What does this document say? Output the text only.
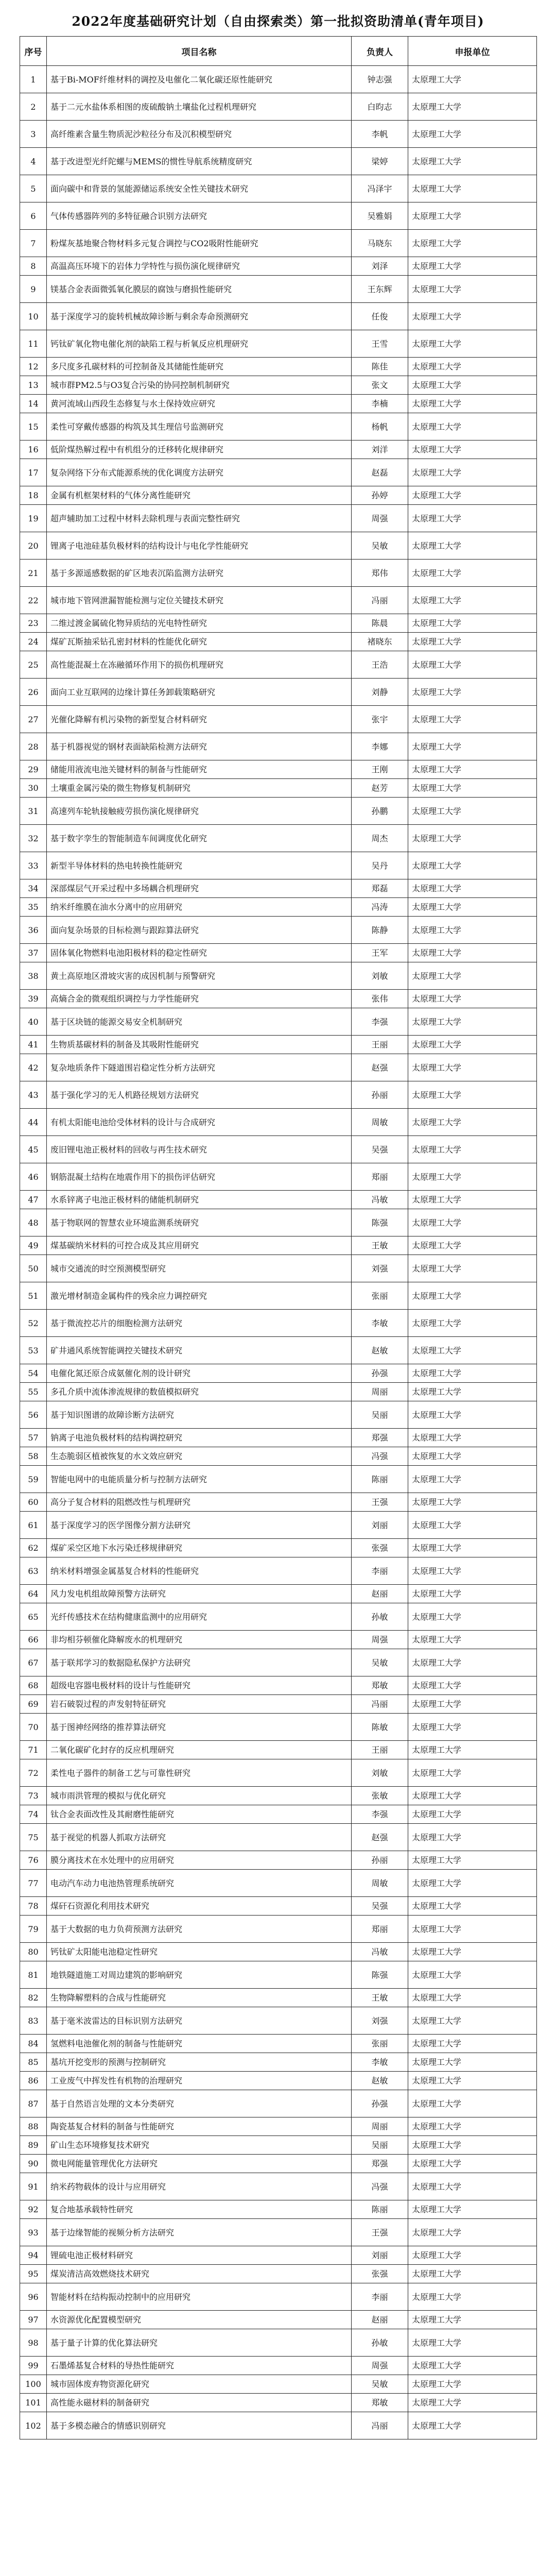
2022年度基础研究计划（自由探索类）第一批拟资助清单(青年项目)
序号	项目名称	负责人	申报单位
1	基于Bi-MOF纤维材料的调控及电催化二氧化碳还原性能研究	钟志强	太原理工大学
2	基于二元水盐体系相图的废硫酸钠土壤盐化过程机理研究	白昀志	太原理工大学
3	高纤维素含量生物质泥沙粒径分布及沉积模型研究	李帆	太原理工大学
4	基于改进型光纤陀螺与MEMS的惯性导航系统精度研究	梁婷	太原理工大学
5	面向碳中和背景的氢能源储运系统安全性关键技术研究	冯泽宇	太原理工大学
6	气体传感器阵列的多特征融合识别方法研究	吴雅娟	太原理工大学
7	粉煤灰基地聚合物材料多元复合调控与CO2吸附性能研究	马晓东	太原理工大学
8	高温高压环境下的岩体力学特性与损伤演化规律研究	刘泽	太原理工大学
9	镁基合金表面微弧氧化膜层的腐蚀与磨损性能研究	王东辉	太原理工大学
10	基于深度学习的旋转机械故障诊断与剩余寿命预测研究	任俊	太原理工大学
11	钙钛矿氧化物电催化剂的缺陷工程与析氧反应机理研究	王雪	太原理工大学
12	多尺度多孔碳材料的可控制备及其储能性能研究	陈佳	太原理工大学
13	城市群PM2.5与O3复合污染的协同控制机制研究	张文	太原理工大学
14	黄河流域山西段生态修复与水土保持效应研究	李楠	太原理工大学
15	柔性可穿戴传感器的构筑及其生理信号监测研究	杨帆	太原理工大学
16	低阶煤热解过程中有机组分的迁移转化规律研究	刘洋	太原理工大学
17	复杂网络下分布式能源系统的优化调度方法研究	赵磊	太原理工大学
18	金属有机框架材料的气体分离性能研究	孙婷	太原理工大学
19	超声辅助加工过程中材料去除机理与表面完整性研究	周强	太原理工大学
20	锂离子电池硅基负极材料的结构设计与电化学性能研究	吴敏	太原理工大学
21	基于多源遥感数据的矿区地表沉陷监测方法研究	郑伟	太原理工大学
22	城市地下管网泄漏智能检测与定位关键技术研究	冯丽	太原理工大学
23	二维过渡金属硫化物异质结的光电特性研究	陈晨	太原理工大学
24	煤矿瓦斯抽采钻孔密封材料的性能优化研究	褚晓东	太原理工大学
25	高性能混凝土在冻融循环作用下的损伤机理研究	王浩	太原理工大学
26	面向工业互联网的边缘计算任务卸载策略研究	刘静	太原理工大学
27	光催化降解有机污染物的新型复合材料研究	张宇	太原理工大学
28	基于机器视觉的钢材表面缺陷检测方法研究	李娜	太原理工大学
29	储能用液流电池关键材料的制备与性能研究	王刚	太原理工大学
30	土壤重金属污染的微生物修复机制研究	赵芳	太原理工大学
31	高速列车轮轨接触疲劳损伤演化规律研究	孙鹏	太原理工大学
32	基于数字孪生的智能制造车间调度优化研究	周杰	太原理工大学
33	新型半导体材料的热电转换性能研究	吴丹	太原理工大学
34	深部煤层气开采过程中多场耦合机理研究	郑磊	太原理工大学
35	纳米纤维膜在油水分离中的应用研究	冯涛	太原理工大学
36	面向复杂场景的目标检测与跟踪算法研究	陈静	太原理工大学
37	固体氧化物燃料电池阳极材料的稳定性研究	王军	太原理工大学
38	黄土高原地区滑坡灾害的成因机制与预警研究	刘敏	太原理工大学
39	高熵合金的微观组织调控与力学性能研究	张伟	太原理工大学
40	基于区块链的能源交易安全机制研究	李强	太原理工大学
41	生物质基碳材料的制备及其吸附性能研究	王丽	太原理工大学
42	复杂地质条件下隧道围岩稳定性分析方法研究	赵强	太原理工大学
43	基于强化学习的无人机路径规划方法研究	孙丽	太原理工大学
44	有机太阳能电池给受体材料的设计与合成研究	周敏	太原理工大学
45	废旧锂电池正极材料的回收与再生技术研究	吴强	太原理工大学
46	钢筋混凝土结构在地震作用下的损伤评估研究	郑丽	太原理工大学
47	水系锌离子电池正极材料的储能机制研究	冯敏	太原理工大学
48	基于物联网的智慧农业环境监测系统研究	陈强	太原理工大学
49	煤基碳纳米材料的可控合成及其应用研究	王敏	太原理工大学
50	城市交通流的时空预测模型研究	刘强	太原理工大学
51	激光增材制造金属构件的残余应力调控研究	张丽	太原理工大学
52	基于微流控芯片的细胞检测方法研究	李敏	太原理工大学
53	矿井通风系统智能调控关键技术研究	赵敏	太原理工大学
54	电催化氮还原合成氨催化剂的设计研究	孙强	太原理工大学
55	多孔介质中流体渗流规律的数值模拟研究	周丽	太原理工大学
56	基于知识图谱的故障诊断方法研究	吴丽	太原理工大学
57	钠离子电池负极材料的结构调控研究	郑强	太原理工大学
58	生态脆弱区植被恢复的水文效应研究	冯强	太原理工大学
59	智能电网中的电能质量分析与控制方法研究	陈丽	太原理工大学
60	高分子复合材料的阻燃改性与机理研究	王强	太原理工大学
61	基于深度学习的医学图像分割方法研究	刘丽	太原理工大学
62	煤矿采空区地下水污染迁移规律研究	张强	太原理工大学
63	纳米材料增强金属基复合材料的性能研究	李丽	太原理工大学
64	风力发电机组故障预警方法研究	赵丽	太原理工大学
65	光纤传感技术在结构健康监测中的应用研究	孙敏	太原理工大学
66	非均相芬顿催化降解废水的机理研究	周强	太原理工大学
67	基于联邦学习的数据隐私保护方法研究	吴敏	太原理工大学
68	超级电容器电极材料的设计与性能研究	郑敏	太原理工大学
69	岩石破裂过程的声发射特征研究	冯丽	太原理工大学
70	基于图神经网络的推荐算法研究	陈敏	太原理工大学
71	二氧化碳矿化封存的反应机理研究	王丽	太原理工大学
72	柔性电子器件的制备工艺与可靠性研究	刘敏	太原理工大学
73	城市雨洪管理的模拟与优化研究	张敏	太原理工大学
74	钛合金表面改性及其耐磨性能研究	李强	太原理工大学
75	基于视觉的机器人抓取方法研究	赵强	太原理工大学
76	膜分离技术在水处理中的应用研究	孙丽	太原理工大学
77	电动汽车动力电池热管理系统研究	周敏	太原理工大学
78	煤矸石资源化利用技术研究	吴强	太原理工大学
79	基于大数据的电力负荷预测方法研究	郑丽	太原理工大学
80	钙钛矿太阳能电池稳定性研究	冯敏	太原理工大学
81	地铁隧道施工对周边建筑的影响研究	陈强	太原理工大学
82	生物降解塑料的合成与性能研究	王敏	太原理工大学
83	基于毫米波雷达的目标识别方法研究	刘强	太原理工大学
84	氢燃料电池催化剂的制备与性能研究	张丽	太原理工大学
85	基坑开挖变形的预测与控制研究	李敏	太原理工大学
86	工业废气中挥发性有机物的治理研究	赵敏	太原理工大学
87	基于自然语言处理的文本分类研究	孙强	太原理工大学
88	陶瓷基复合材料的制备与性能研究	周丽	太原理工大学
89	矿山生态环境修复技术研究	吴丽	太原理工大学
90	微电网能量管理优化方法研究	郑强	太原理工大学
91	纳米药物载体的设计与应用研究	冯强	太原理工大学
92	复合地基承载特性研究	陈丽	太原理工大学
93	基于边缘智能的视频分析方法研究	王强	太原理工大学
94	锂硫电池正极材料研究	刘丽	太原理工大学
95	煤炭清洁高效燃烧技术研究	张强	太原理工大学
96	智能材料在结构振动控制中的应用研究	李丽	太原理工大学
97	水资源优化配置模型研究	赵丽	太原理工大学
98	基于量子计算的优化算法研究	孙敏	太原理工大学
99	石墨烯基复合材料的导热性能研究	周强	太原理工大学
100	城市固体废弃物资源化研究	吴敏	太原理工大学
101	高性能永磁材料的制备研究	郑敏	太原理工大学
102	基于多模态融合的情感识别研究	冯丽	太原理工大学
